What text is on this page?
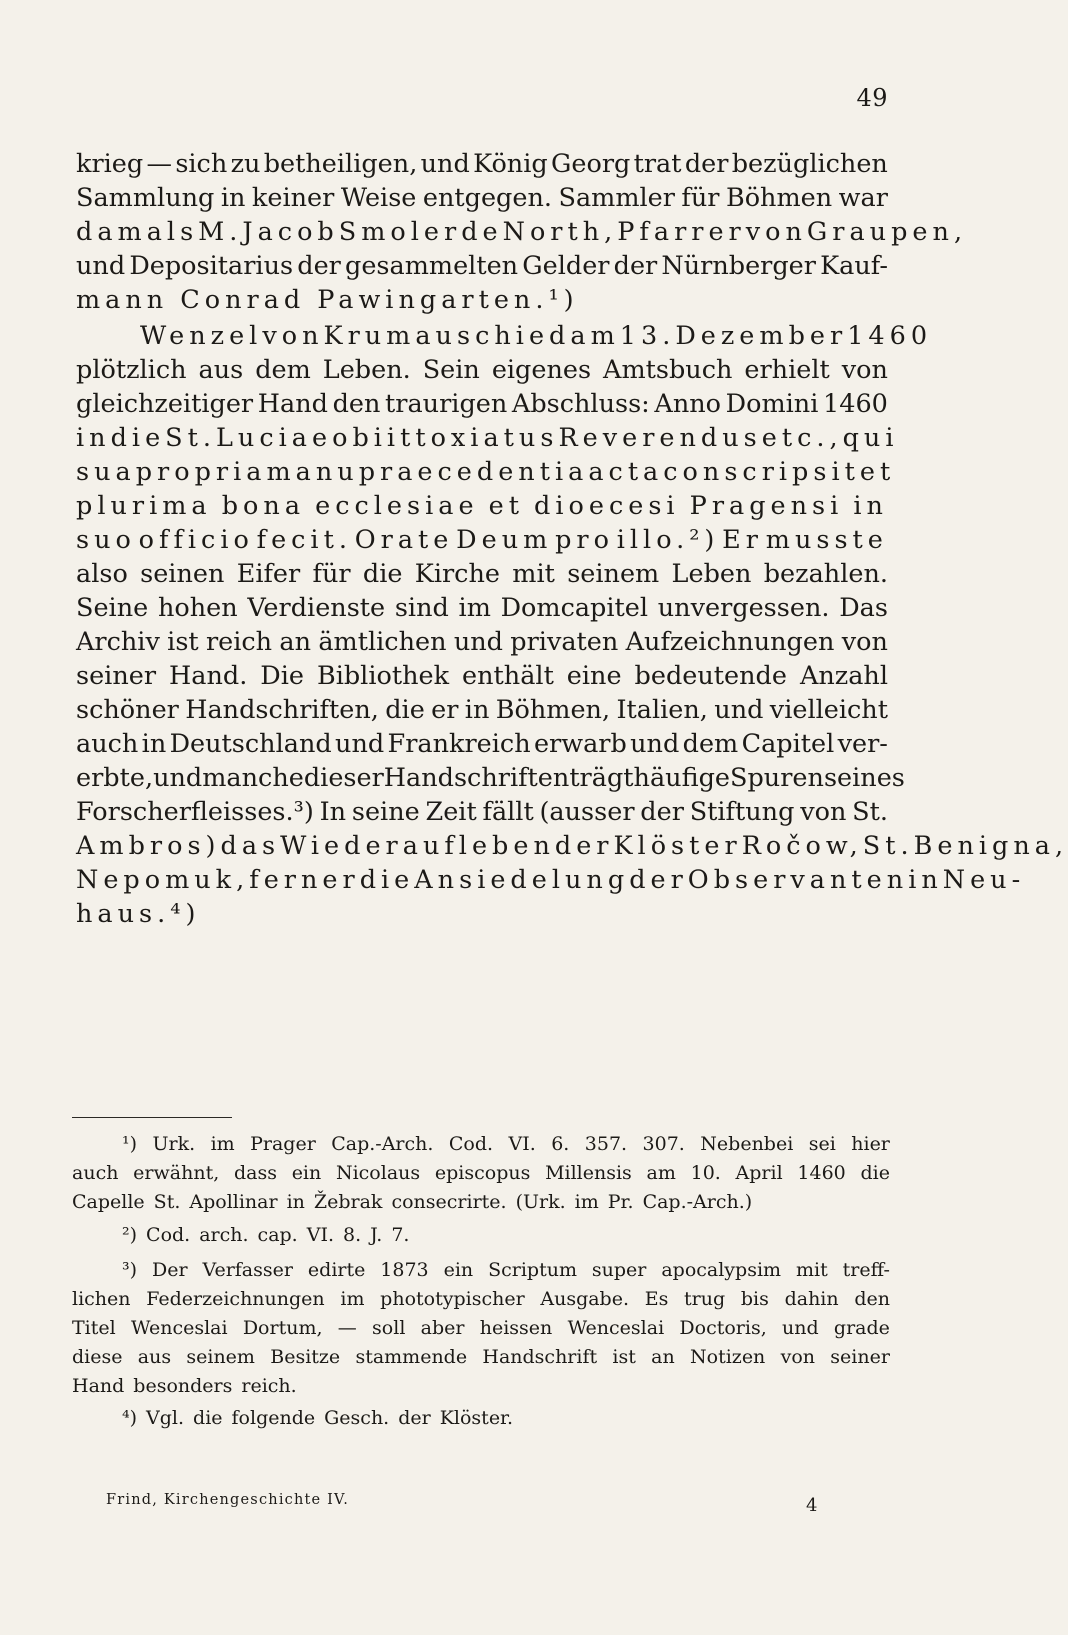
49
krieg — sich zu betheiligen, und König Georg trat der bezüglichen
Sammlung in keiner Weise entgegen. Sammler für Böhmen war
damals M. Jacob Smoler de North, Pfarrer von Graupen,
und Depositarius der gesammelten Gelder der Nürnberger Kauf-
mann Conrad Pawingarten.¹)
Wenzel von Krumau schied am 13. Dezember 1460
plötzlich aus dem Leben. Sein eigenes Amtsbuch erhielt von
gleichzeitiger Hand den traurigen Abschluss: Anno Domini 1460
in die St. Luciae obiit toxiatus Reverendus etc., qui
sua propria manu praecedentia acta conscripsit et
plurima bona ecclesiae et dioecesi Pragensi in
suo officio fecit. Orate Deum pro illo.²) Er musste
also seinen Eifer für die Kirche mit seinem Leben bezahlen.
Seine hohen Verdienste sind im Domcapitel unvergessen. Das
Archiv ist reich an ämtlichen und privaten Aufzeichnungen von
seiner Hand. Die Bibliothek enthält eine bedeutende Anzahl
schöner Handschriften, die er in Böhmen, Italien, und vielleicht
auch in Deutschland und Frankreich erwarb und dem Capitel ver-
erbte, und manche dieser Handschriften trägt häufige Spuren seines
Forscherfleisses.³) In seine Zeit fällt (ausser der Stiftung von St.
Ambros) das Wiederaufleben der Klöster Ročow, St. Benigna,
Nepomuk, ferner die Ansiedelung der Observanten in Neu-
haus.⁴)
¹) Urk. im Prager Cap.-Arch. Cod. VI. 6. 357. 307. Nebenbei sei hier
auch erwähnt, dass ein Nicolaus episcopus Millensis am 10. April 1460 die
Capelle St. Apollinar in Žebrak consecrirte. (Urk. im Pr. Cap.-Arch.)
²) Cod. arch. cap. VI. 8. J. 7.
³) Der Verfasser edirte 1873 ein Scriptum super apocalypsim mit treff-
lichen Federzeichnungen im phototypischer Ausgabe. Es trug bis dahin den
Titel Wenceslai Dortum, — soll aber heissen Wenceslai Doctoris, und grade
diese aus seinem Besitze stammende Handschrift ist an Notizen von seiner
Hand besonders reich.
⁴) Vgl. die folgende Gesch. der Klöster.
Frind, Kirchengeschichte IV.	4
